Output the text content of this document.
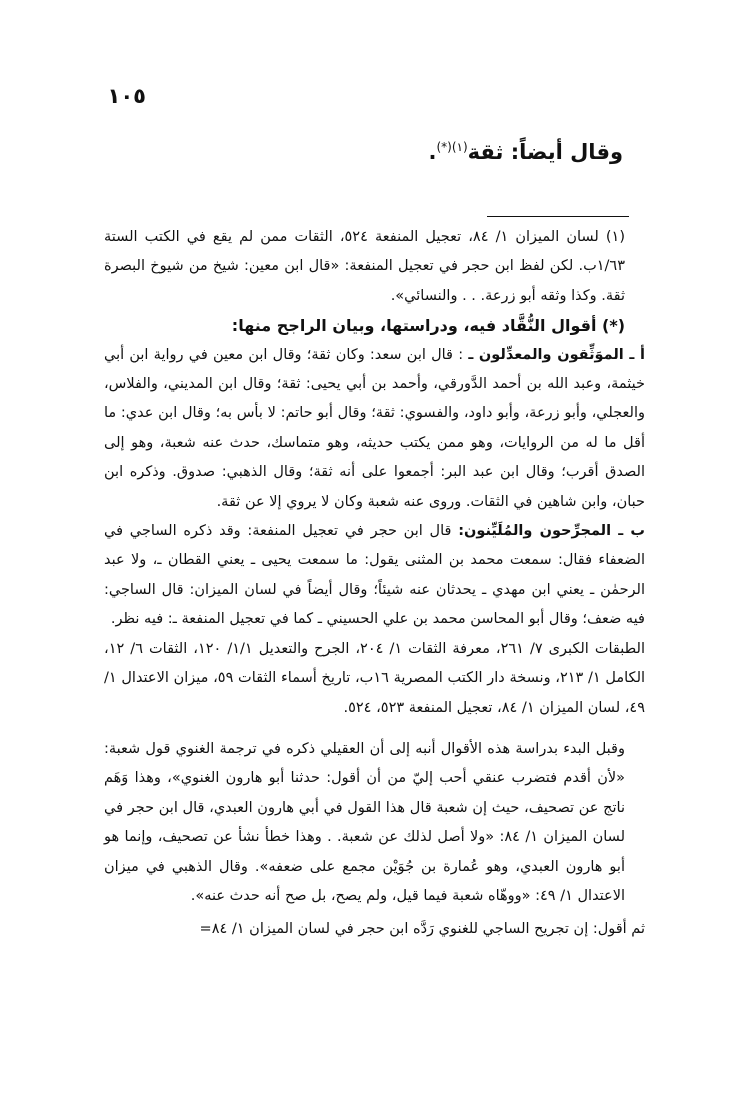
١٠٥
وقال أيضاً: ثقة$^{(١)(*)}$.

(١) لسان الميزان ١/ ٨٤، تعجيل المنفعة ٥٢٤، الثقات ممن لم يقع في الكتب الستة ١/٦٣ب. لكن لفظ ابن حجر في تعجيل المنفعة: «قال ابن معين: شيخ من شيوخ البصرة ثقة. وكذا وثقه أبو زرعة. . . والنسائي».

(*) أقوال النُّقَّاد فيه، ودراستها، وبيان الراجح منها:

أ ـ الموَثِّقون والمعدِّلون ـ : قال ابن سعد: وكان ثقة؛ وقال ابن معين في رواية ابن أبي خيثمة، وعبد الله بن أحمد الدَّورقي، وأحمد بن أبي يحيى: ثقة؛ وقال ابن المديني، والفلاس، والعجلي، وأبو زرعة، وأبو داود، والفسوي: ثقة؛ وقال أبو حاتم: لا بأس به؛ وقال ابن عدي: ما أقل ما له من الروايات، وهو ممن يكتب حديثه، وهو متماسك، حدث عنه شعبة، وهو إلى الصدق أقرب؛ وقال ابن عبد البر: أجمعوا على أنه ثقة؛ وقال الذهبي: صدوق. وذكره ابن حبان، وابن شاهين في الثقات. وروى عنه شعبة وكان لا يروي إلا عن ثقة.

ب ـ المجرِّحون والمُلَيِّنون: قال ابن حجر في تعجيل المنفعة: وقد ذكره الساجي في الضعفاء فقال: سمعت محمد بن المثنى يقول: ما سمعت يحيى ـ يعني القطان ـ، ولا عبد الرحمٰن ـ يعني ابن مهدي ـ يحدثان عنه شيئاً؛ وقال أيضاً في لسان الميزان: قال الساجي: فيه ضعف؛ وقال أبو المحاسن محمد بن علي الحسيني ـ كما في تعجيل المنفعة ـ: فيه نظر.

الطبقات الكبرى ٧/ ٢٦١، معرفة الثقات ١/ ٢٠٤، الجرح والتعديل ١/١/ ١٢٠، الثقات ٦/ ١٢، الكامل ١/ ٢١٣، ونسخة دار الكتب المصرية ١٦ب، تاريخ أسماء الثقات ٥٩، ميزان الاعتدال ١/ ٤٩، لسان الميزان ١/ ٨٤، تعجيل المنفعة ٥٢٣، ٥٢٤.

وقبل البدء بدراسة هذه الأقوال أنبه إلى أن العقيلي ذكره في ترجمة الغنوي قول شعبة: «لأن أقدم فتضرب عنقي أحب إليّ من أن أقول: حدثنا أبو هارون الغنوي»، وهذا وَهَم ناتج عن تصحيف، حيث إن شعبة قال هذا القول في أبي هارون العبدي، قال ابن حجر في لسان الميزان ١/ ٨٤: «ولا أصل لذلك عن شعبة. . وهذا خطأ نشأ عن تصحيف، وإنما هو أبو هارون العبدي، وهو عُمارة بن جُوَيْن مجمع على ضعفه». وقال الذهبي في ميزان الاعتدال ١/ ٤٩: «ووهّاه شعبة فيما قيل، ولم يصح، بل صح أنه حدث عنه».

ثم أقول: إن تجريح الساجي للغنوي رَدَّه ابن حجر في لسان الميزان ١/ ٨٤=
